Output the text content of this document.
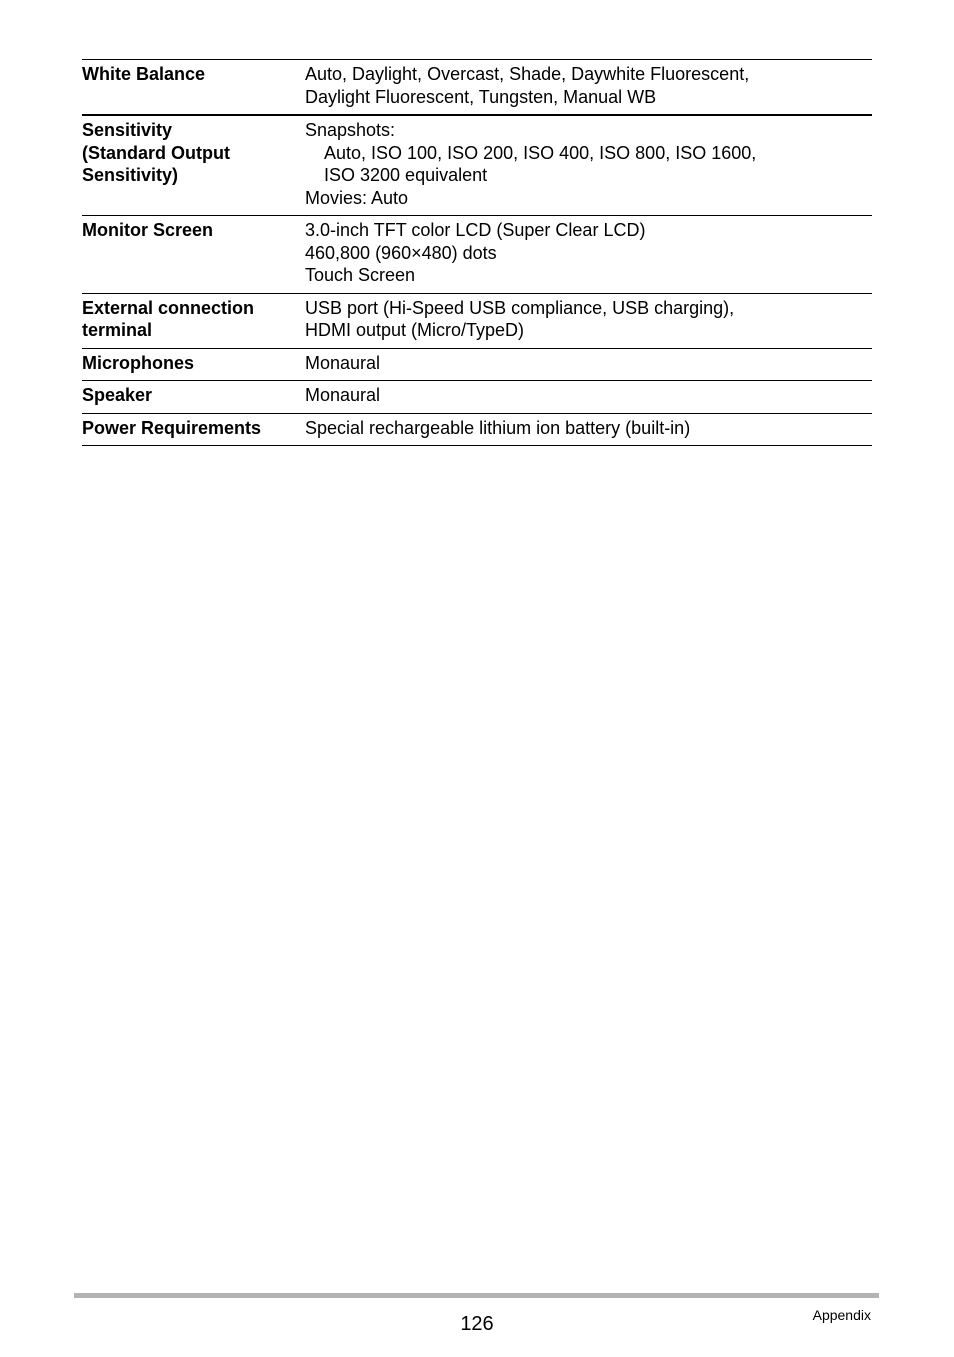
White Balance	Auto, Daylight, Overcast, Shade, Daywhite Fluorescent,
Daylight Fluorescent, Tungsten, Manual WB

Sensitivity
(Standard Output
Sensitivity)	Snapshots:
Auto, ISO 100, ISO 200, ISO 400, ISO 800, ISO 1600,
ISO 3200 equivalent
Movies: Auto

Monitor Screen	3.0-inch TFT color LCD (Super Clear LCD)
460,800 (960×480) dots
Touch Screen

External connection
terminal	USB port (Hi-Speed USB compliance, USB charging),
HDMI output (Micro/TypeD)

Microphones	Monaural

Speaker	Monaural

Power Requirements	Special rechargeable lithium ion battery (built-in)
126	Appendix
